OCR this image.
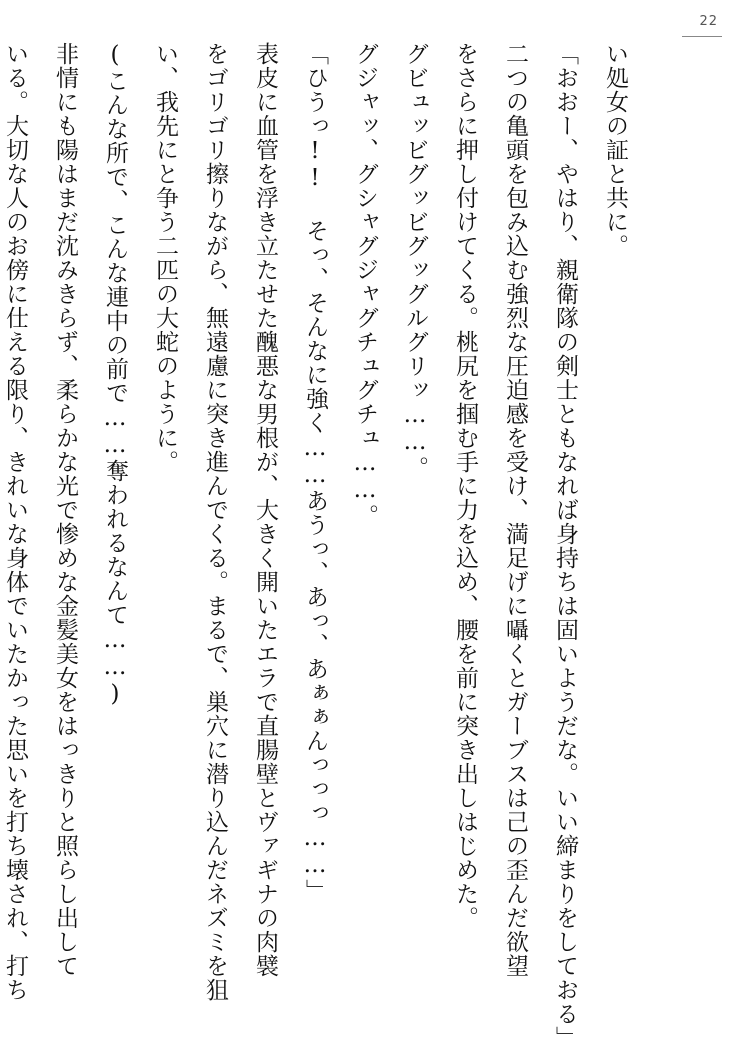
22
い処女の証と共に。
「おおー、やはり、親衛隊の剣士ともなれば身持ちは固いようだな。いい締まりをしておる」
二つの亀頭を包み込む強烈な圧迫感を受け、満足げに囁くとガーブスは己の歪んだ欲望
をさらに押し付けてくる。桃尻を掴む手に力を込め、腰を前に突き出しはじめた。
グビュッビグッビグッグルグリッ……。
グジャッ、グシャグジャグチュグチュ……。
「ひうっ!! そっ、そんなに強く……あうっ、あっ、あぁぁんっっっ……」
表皮に血管を浮き立たせた醜悪な男根が、大きく開いたエラで直腸壁とヴァギナの肉襞
をゴリゴリ擦りながら、無遠慮に突き進んでくる。まるで、巣穴に潜り込んだネズミを狙
い、我先にと争う二匹の大蛇のように。
(こんな所で、こんな連中の前で……奪われるなんて……)
非情にも陽はまだ沈みきらず、柔らかな光で惨めな金髪美女をはっきりと照らし出して
いる。大切な人のお傍に仕える限り、きれいな身体でいたかった思いを打ち壊され、打ち
